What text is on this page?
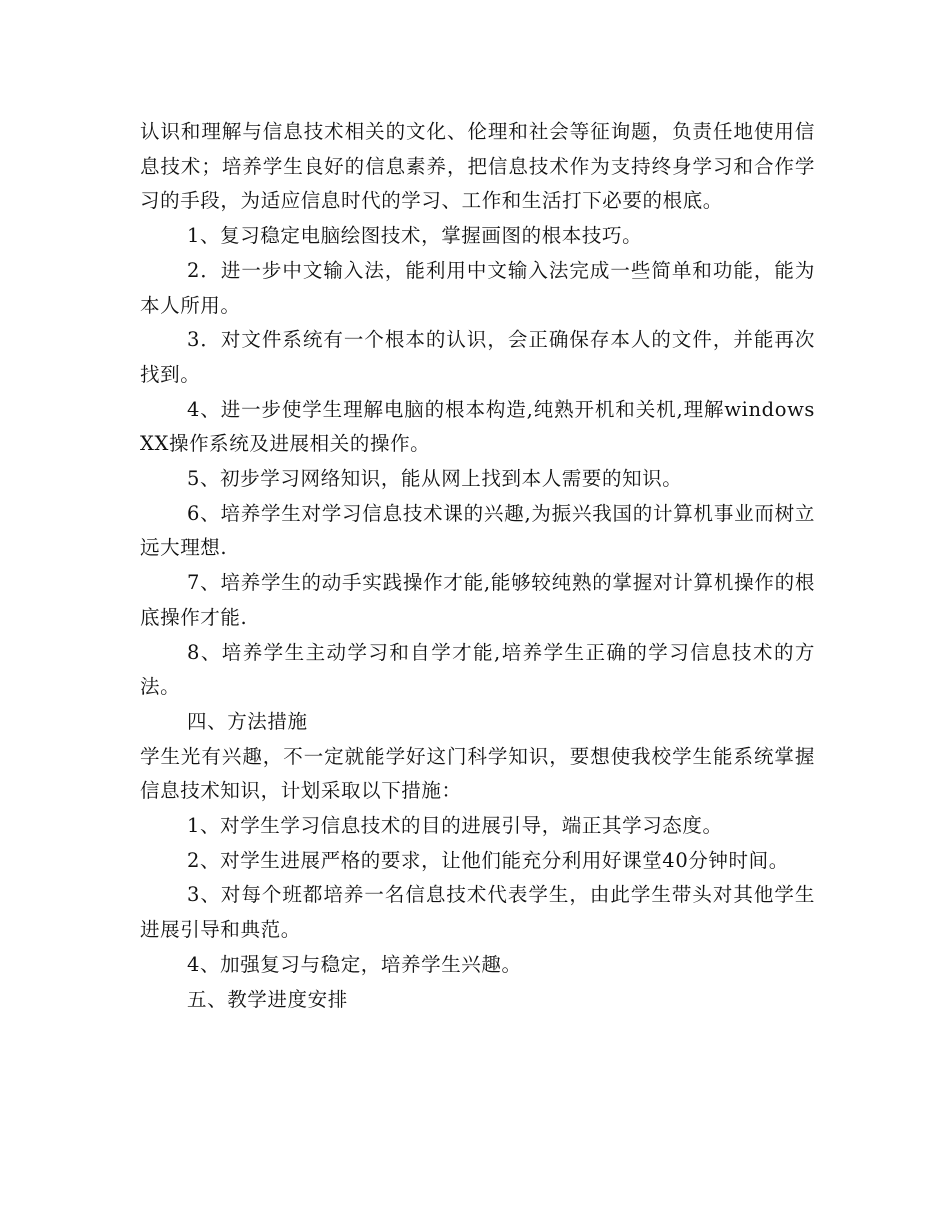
认识和理解与信息技术相关的文化、伦理和社会等征询题，负责任地使用信息技术；培养学生良好的信息素养，把信息技术作为支持终身学习和合作学习的手段，为适应信息时代的学习、工作和生活打下必要的根底。

1、复习稳定电脑绘图技术，掌握画图的根本技巧。

2．进一步中文输入法，能利用中文输入法完成一些简单和功能，能为本人所用。

3．对文件系统有一个根本的认识，会正确保存本人的文件，并能再次找到。

4、进一步使学生理解电脑的根本构造,纯熟开机和关机,理解windows XX操作系统及进展相关的操作。

5、初步学习网络知识，能从网上找到本人需要的知识。

6、培养学生对学习信息技术课的兴趣,为振兴我国的计算机事业而树立远大理想.

7、培养学生的动手实践操作才能,能够较纯熟的掌握对计算机操作的根底操作才能.

8、培养学生主动学习和自学才能,培养学生正确的学习信息技术的方法。

四、方法措施

学生光有兴趣，不一定就能学好这门科学知识，要想使我校学生能系统掌握信息技术知识，计划采取以下措施：

1、对学生学习信息技术的目的进展引导，端正其学习态度。

2、对学生进展严格的要求，让他们能充分利用好课堂40分钟时间。

3、对每个班都培养一名信息技术代表学生，由此学生带头对其他学生进展引导和典范。

4、加强复习与稳定，培养学生兴趣。

五、教学进度安排
